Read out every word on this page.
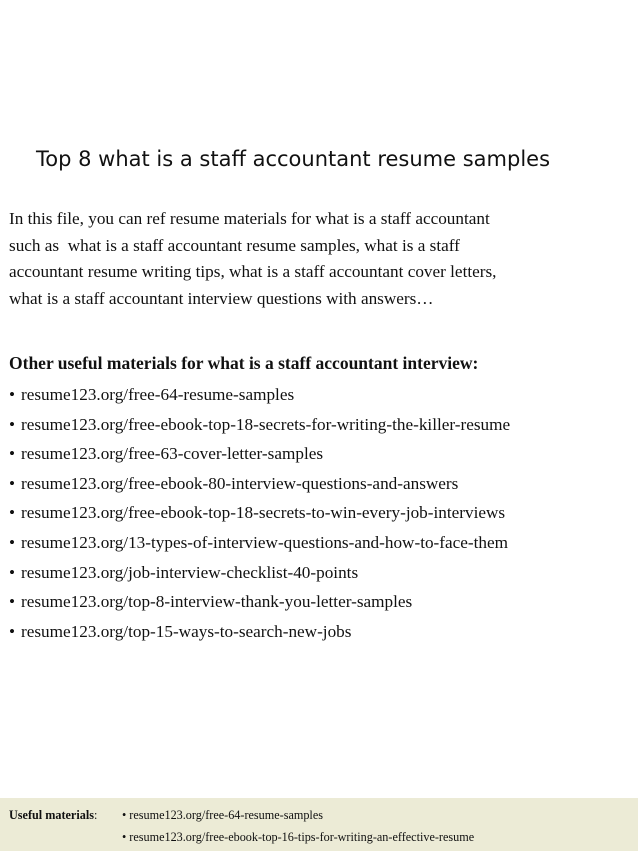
Top 8 what is a staff accountant resume samples

In this file, you can ref resume materials for what is a staff accountant
such as  what is a staff accountant resume samples, what is a staff
accountant resume writing tips, what is a staff accountant cover letters,
what is a staff accountant interview questions with answers…

Other useful materials for what is a staff accountant interview:
• resume123.org/free-64-resume-samples
• resume123.org/free-ebook-top-18-secrets-for-writing-the-killer-resume
• resume123.org/free-63-cover-letter-samples
• resume123.org/free-ebook-80-interview-questions-and-answers
• resume123.org/free-ebook-top-18-secrets-to-win-every-job-interviews
• resume123.org/13-types-of-interview-questions-and-how-to-face-them
• resume123.org/job-interview-checklist-40-points
• resume123.org/top-8-interview-thank-you-letter-samples
• resume123.org/top-15-ways-to-search-new-jobs
Useful materials: • resume123.org/free-64-resume-samples
• resume123.org/free-ebook-top-16-tips-for-writing-an-effective-resume
